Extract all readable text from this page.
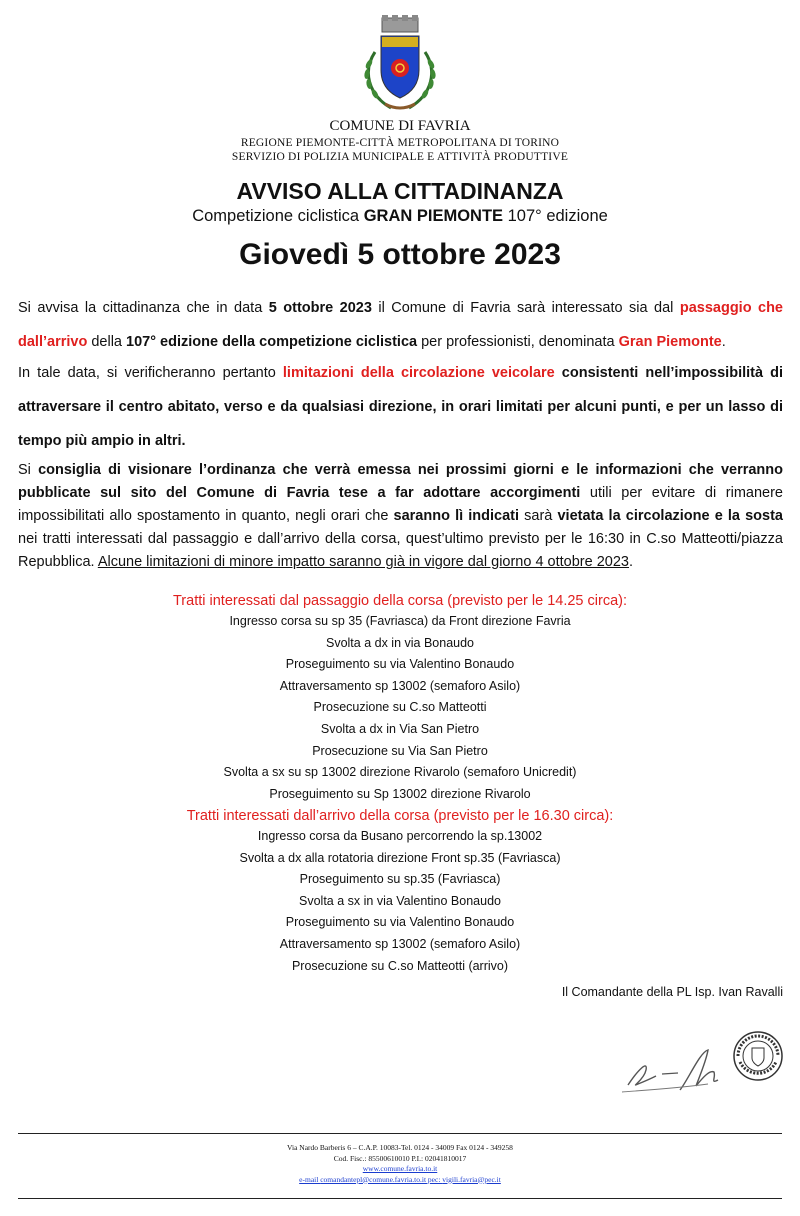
COMUNE DI FAVRIA
REGIONE PIEMONTE-CITTÀ METROPOLITANA DI TORINO
SERVIZIO DI POLIZIA MUNICIPALE E ATTIVITÀ PRODUTTIVE
AVVISO ALLA CITTADINANZA
Competizione ciclistica GRAN PIEMONTE 107° edizione
Giovedì 5 ottobre 2023

Si avvisa la cittadinanza che in data 5 ottobre 2023 il Comune di Favria sarà interessato sia dal passaggio che dall’arrivo della 107° edizione della competizione ciclistica per professionisti, denominata Gran Piemonte.

In tale data, si verificheranno pertanto limitazioni della circolazione veicolare consistenti nell’impossibilità di attraversare il centro abitato, verso e da qualsiasi direzione, in orari limitati per alcuni punti, e per un lasso di tempo più ampio in altri.

Si consiglia di visionare l’ordinanza che verrà emessa nei prossimi giorni e le informazioni che verranno pubblicate sul sito del Comune di Favria tese a far adottare accorgimenti utili per evitare di rimanere impossibilitati allo spostamento in quanto, negli orari che saranno lì indicati sarà vietata la circolazione e la sosta nei tratti interessati dal passaggio e dall’arrivo della corsa, quest’ultimo previsto per le 16:30 in C.so Matteotti/piazza Repubblica. Alcune limitazioni di minore impatto saranno già in vigore dal giorno 4 ottobre 2023.

Tratti interessati dal passaggio della corsa (previsto per le 14.25 circa):
Ingresso corsa su sp 35 (Favriasca) da Front direzione Favria
Svolta a dx in via Bonaudo
Proseguimento su via Valentino Bonaudo
Attraversamento sp 13002 (semaforo Asilo)
Prosecuzione su C.so Matteotti
Svolta a dx in Via San Pietro
Prosecuzione su Via San Pietro
Svolta a sx su sp 13002 direzione Rivarolo (semaforo Unicredit)
Proseguimento su Sp 13002 direzione Rivarolo
Tratti interessati dall’arrivo della corsa (previsto per le 16.30 circa):
Ingresso corsa da Busano percorrendo la sp.13002
Svolta a dx alla rotatoria direzione Front sp.35 (Favriasca)
Proseguimento su sp.35 (Favriasca)
Svolta a sx in via Valentino Bonaudo
Proseguimento su via Valentino Bonaudo
Attraversamento sp 13002 (semaforo Asilo)
Prosecuzione su C.so Matteotti (arrivo)
Il Comandante della PL Isp. Ivan Ravalli
Via Nardo Barberis 6 – C.A.P. 10083-Tel. 0124 - 34009 Fax 0124 - 349258
Cod. Fisc.: 85500610010 P.I.: 02041810017
www.comune.favria.to.it
e-mail comandantepl@comune.favria.to.it pec: vigili.favria@pec.it
